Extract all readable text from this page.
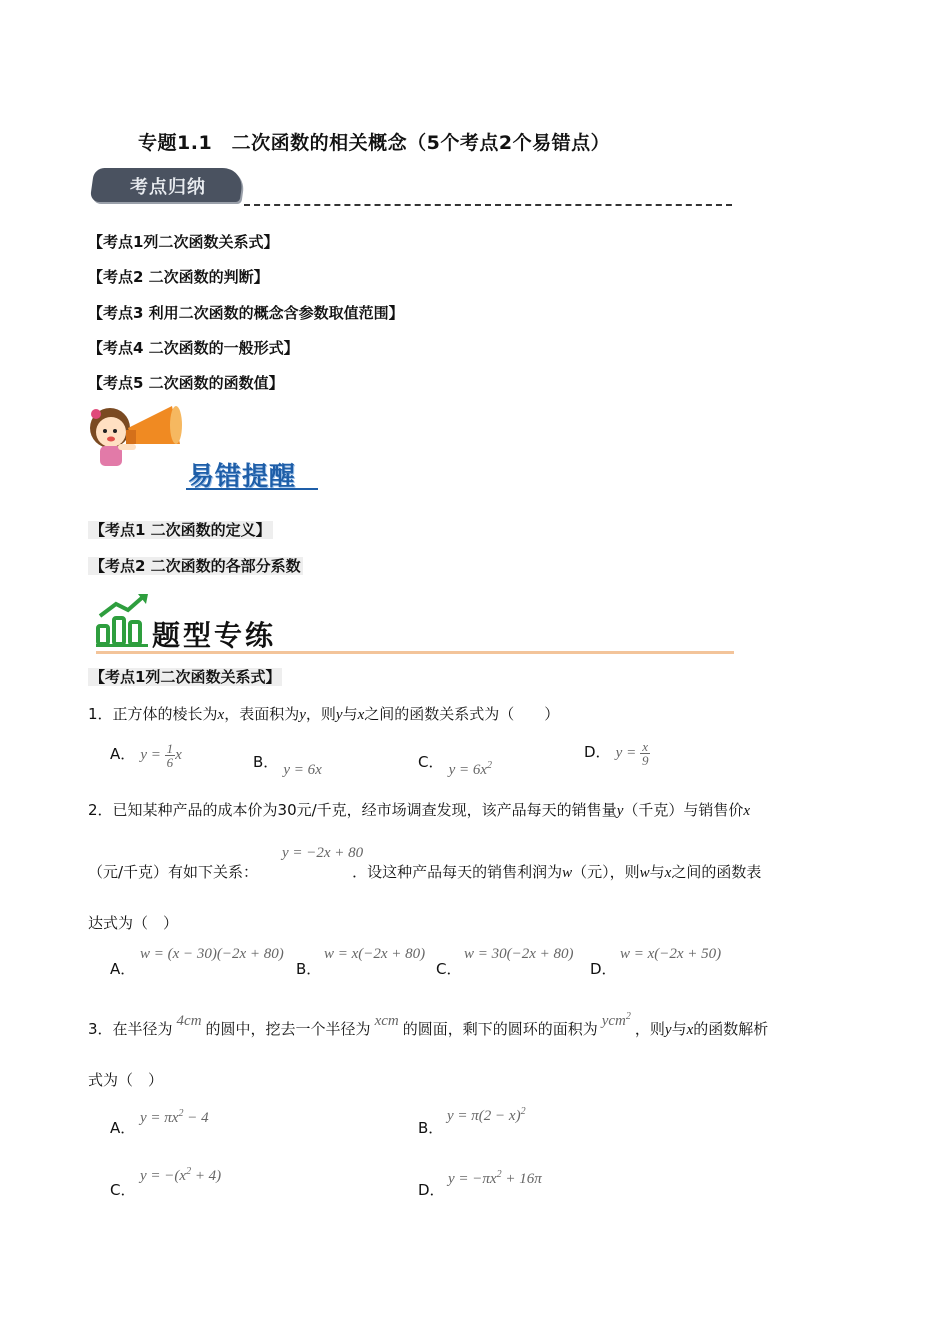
专题1.1　二次函数的相关概念（5个考点2个易错点）
考点归纳
【考点1列二次函数关系式】
【考点2 二次函数的判断】
【考点3 利用二次函数的概念含参数取值范围】
【考点4 二次函数的一般形式】
【考点5 二次函数的函数值】
易错提醒
【考点1 二次函数的定义】
【考点2 二次函数的各部分系数
题型专练
【考点1列二次函数关系式】
1．正方体的棱长为x，表面积为y，则y与x之间的函数关系式为（　　）
A． $y = \frac{1}{6}$ x	B． y = 6x	C． $y = 6x^2$
D． $y = \frac{x}{9}$
2．已知某种产品的成本价为30元/千克，经市场调查发现，该产品每天的销售量y（千克）与销售价x
y = −2x + 80
（元/千克）有如下关系：	．设这种产品每天的销售利润为w（元），则w与x之间的函数表
达式为（　）
A．
w = (x − 30)(−2x + 80)
B．
w = x(−2x + 80)
C．
w = 30(−2x + 80)
D．
w = x(−2x + 50)
3．在半径为 4cm 的圆中，挖去一个半径为 xcm 的圆面，剩下的圆环的面积为 ycm$^2$，则y与x的函数解析
式为（　）
A．
$y = \pi x^2 - 4$
B．
$y = \pi(2 - x)^2$
C．
$y = -(x^2 + 4)$
D．
$y = -\pi x^2 + 16\pi$
